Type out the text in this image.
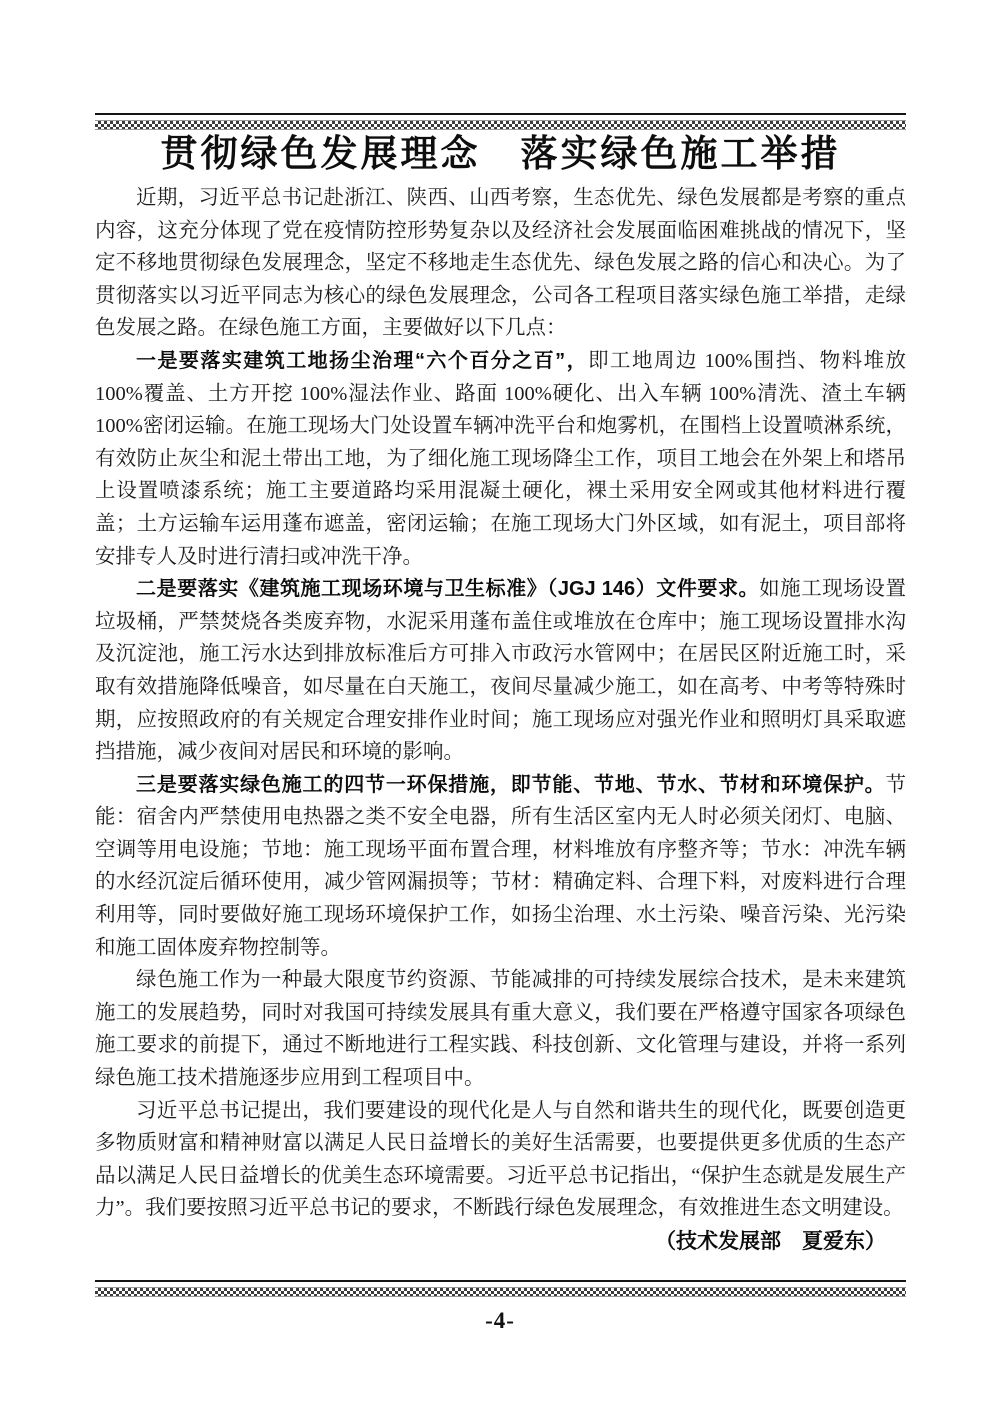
贯彻绿色发展理念　落实绿色施工举措

近期，习近平总书记赴浙江、陕西、山西考察，生态优先、绿色发展都是考察的重点内容，这充分体现了党在疫情防控形势复杂以及经济社会发展面临困难挑战的情况下，坚定不移地贯彻绿色发展理念，坚定不移地走生态优先、绿色发展之路的信心和决心。为了贯彻落实以习近平同志为核心的绿色发展理念，公司各工程项目落实绿色施工举措，走绿色发展之路。在绿色施工方面，主要做好以下几点：

一是要落实建筑工地扬尘治理“六个百分之百”，即工地周边 100%围挡、物料堆放 100%覆盖、土方开挖 100%湿法作业、路面 100%硬化、出入车辆 100%清洗、渣土车辆 100%密闭运输。在施工现场大门处设置车辆冲洗平台和炮雾机，在围档上设置喷淋系统，有效防止灰尘和泥土带出工地，为了细化施工现场降尘工作，项目工地会在外架上和塔吊上设置喷漆系统；施工主要道路均采用混凝土硬化，裸土采用安全网或其他材料进行覆盖；土方运输车运用蓬布遮盖，密闭运输；在施工现场大门外区域，如有泥土，项目部将安排专人及时进行清扫或冲洗干净。

二是要落实《建筑施工现场环境与卫生标准》（JGJ 146）文件要求。如施工现场设置垃圾桶，严禁焚烧各类废弃物，水泥采用蓬布盖住或堆放在仓库中；施工现场设置排水沟及沉淀池，施工污水达到排放标准后方可排入市政污水管网中；在居民区附近施工时，采取有效措施降低噪音，如尽量在白天施工，夜间尽量减少施工，如在高考、中考等特殊时期，应按照政府的有关规定合理安排作业时间；施工现场应对强光作业和照明灯具采取遮挡措施，减少夜间对居民和环境的影响。

三是要落实绿色施工的四节一环保措施，即节能、节地、节水、节材和环境保护。节能：宿舍内严禁使用电热器之类不安全电器，所有生活区室内无人时必须关闭灯、电脑、空调等用电设施；节地：施工现场平面布置合理，材料堆放有序整齐等；节水：冲洗车辆的水经沉淀后循环使用，减少管网漏损等；节材：精确定料、合理下料，对废料进行合理利用等，同时要做好施工现场环境保护工作，如扬尘治理、水土污染、噪音污染、光污染和施工固体废弃物控制等。

绿色施工作为一种最大限度节约资源、节能减排的可持续发展综合技术，是未来建筑施工的发展趋势，同时对我国可持续发展具有重大意义，我们要在严格遵守国家各项绿色施工要求的前提下，通过不断地进行工程实践、科技创新、文化管理与建设，并将一系列绿色施工技术措施逐步应用到工程项目中。

习近平总书记提出，我们要建设的现代化是人与自然和谐共生的现代化，既要创造更多物质财富和精神财富以满足人民日益增长的美好生活需要，也要提供更多优质的生态产品以满足人民日益增长的优美生态环境需要。习近平总书记指出，“保护生态就是发展生产力”。我们要按照习近平总书记的要求，不断践行绿色发展理念，有效推进生态文明建设。

（技术发展部　夏爱东）

-4-
